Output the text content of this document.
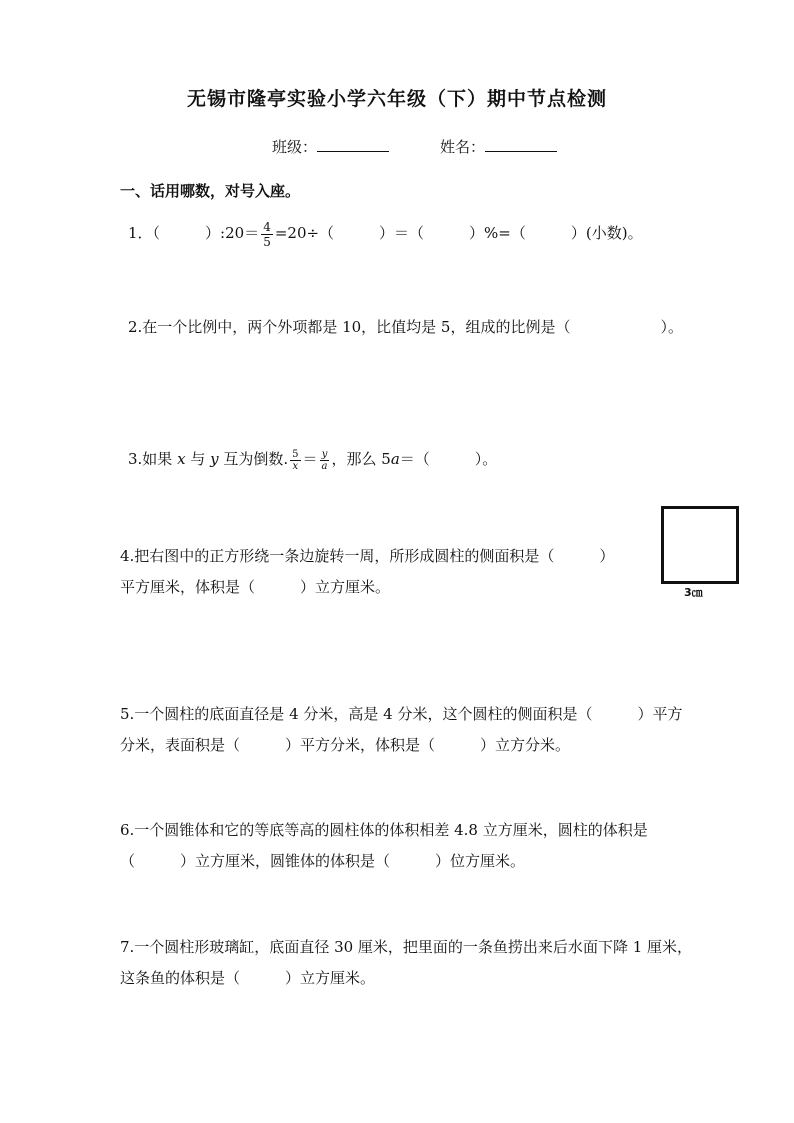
无锡市隆亭实验小学六年级（下）期中节点检测
班级：	姓名：
一、话用哪数，对号入座。
1．（　　　）:20＝ $\frac{4}{5} =20\div$（　　　）＝（　　　）%=（　　　）(小数)。
2.在一个比例中，两个外项都是 10，比值均是 5，组成的比例是（　　　　　　）。
3.如果 x 与 y 互为倒数. $\frac{5}{x} = \frac{y}{a}$ ，那么 5a＝（　　　）。
4.把右图中的正方形绕一条边旋转一周，所形成圆柱的侧面积是（　　　）
平方厘米，体积是（　　　）立方厘米。	3㎝
5.一个圆柱的底面直径是 4 分米，高是 4 分米，这个圆柱的侧面积是（　　　）平方
分米，表面积是（　　　）平方分米，体积是（　　　）立方分米。
6.一个圆锥体和它的等底等高的圆柱体的体积相差 4.8 立方厘米，圆柱的体积是
（　　　）立方厘米，圆锥体的体积是（　　　）位方厘米。
7.一个圆柱形玻璃缸，底面直径 30 厘米，把里面的一条鱼捞出来后水面下降 1 厘米，
这条鱼的体积是（　　　）立方厘米。
